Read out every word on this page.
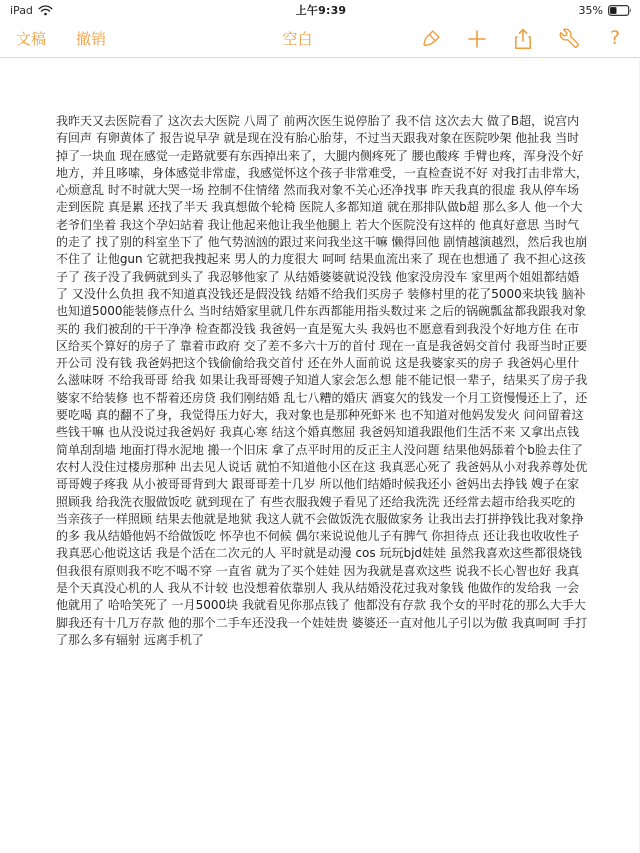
iPad	上午9:39	35%
文稿 撤销	空白	?
我昨天又去医院看了 这次去大医院 八周了 前两次医生说停胎了 我不信 这次去大 做了B超，说宫内有回声 有卵黄体了 报告说早孕 就是现在没有胎心胎芽，不过当天跟我对象在医院吵架 他扯我 当时掉了一块血 现在感觉一走路就要有东西掉出来了，大腿内侧疼死了 腰也酸疼 手臂也疼，浑身没个好地方，并且哆嗦，身体感觉非常虚，我感觉怀这个孩子非常难受，一直检查说不好 对我打击非常大，心烦意乱 时不时就大哭一场 控制不住情绪 然而我对象不关心还净找事 昨天我真的很虚 我从停车场走到医院 真是累 还找了半天 我真想做个轮椅 医院人多都知道 就在那排队做b超 那么多人 他一个大老爷们坐着 我这个孕妇站着 我让他起来他让我坐他腿上 若大个医院没有这样的 他真好意思 当时气的走了 找了别的科室坐下了 他气势汹汹的跟过来问我坐这干嘛 懒得回他 剧情越演越烈，然后我也崩不住了 让他gun 它就把我拽起来 男人的力度很大 呵呵 结果血流出来了 现在也想通了 我不担心这孩子了 孩子没了我俩就到头了 我忍够他家了 从结婚婆婆就说没钱 他家没房没车 家里两个姐姐都结婚了 又没什么负担 我不知道真没钱还是假没钱 结婚不给我们买房子 装修村里的花了5000来块钱 脑补也知道5000能装修点什么 当时结婚家里就几件东西都能用指头数过来 之后的锅碗瓢盆都我跟我对象买的 我们被刮的干干净净 检查都没钱 我爸妈一直是冤大头 我妈也不愿意看到我没个好地方住 在市区给买个算好的房子了 靠着市政府 交了差不多六十万的首付 现在一直是我爸妈交首付 我哥当时正要开公司 没有钱 我爸妈把这个钱偷偷给我交首付 还在外人面前说 这是我婆家买的房子 我爸妈心里什么滋味呀 不给我哥哥 给我 如果让我哥哥嫂子知道人家会怎么想 能不能记恨一辈子，结果买了房子我婆家不给装修 也不帮着还房贷 我们刚结婚 乱七八糟的婚庆 酒宴欠的钱发一个月工资慢慢还上了，还要吃喝 真的翻不了身，我觉得压力好大，我对象也是那种死虾米 也不知道对他妈发发火 问问留着这些钱干嘛 也从没说过我爸妈好 我真心寒 结这个婚真憋屈 我爸妈知道我跟他们生活不来 又拿出点钱简单刮刮墙 地面打得水泥地 搬一个旧床 拿了点平时用的反正主人没问题 结果他妈舔着个b脸去住了 农村人没住过楼房那种 出去见人说话 就怕不知道他小区在这 我真恶心死了 我爸妈从小对我养尊处优 哥哥嫂子疼我 从小被哥哥背到大 跟哥哥差十几岁 所以他们结婚时候我还小 爸妈出去挣钱 嫂子在家照顾我 给我洗衣服做饭吃 就到现在了 有些衣服我嫂子看见了还给我洗洗 还经常去超市给我买吃的 当亲孩子一样照顾 结果去他就是地狱 我这人就不会做饭洗衣服做家务 让我出去打拼挣钱比我对象挣的多 我从结婚他妈不给做饭吃 怀孕也不伺候 偶尔来说说他儿子有脾气 你担待点 还让我也收收性子 我真恶心他说这话 我是个活在二次元的人 平时就是动漫 cos 玩玩bjd娃娃 虽然我喜欢这些都很烧钱 但我很有原则我不吃不喝不穿 一直省 就为了买个娃娃 因为我就是喜欢这些 说我不长心智也好 我真是个天真没心机的人 我从不计较 也没想着依靠别人 我从结婚没花过我对象钱 他做作的发给我 一会他就用了 哈哈笑死了 一月5000块 我就看见你那点钱了 他都没有存款 我个女的平时花的那么大手大脚我还有十几万存款 他的那个二手车还没我一个娃娃贵 婆婆还一直对他儿子引以为傲 我真呵呵 手打了那么多有辐射 远离手机了
